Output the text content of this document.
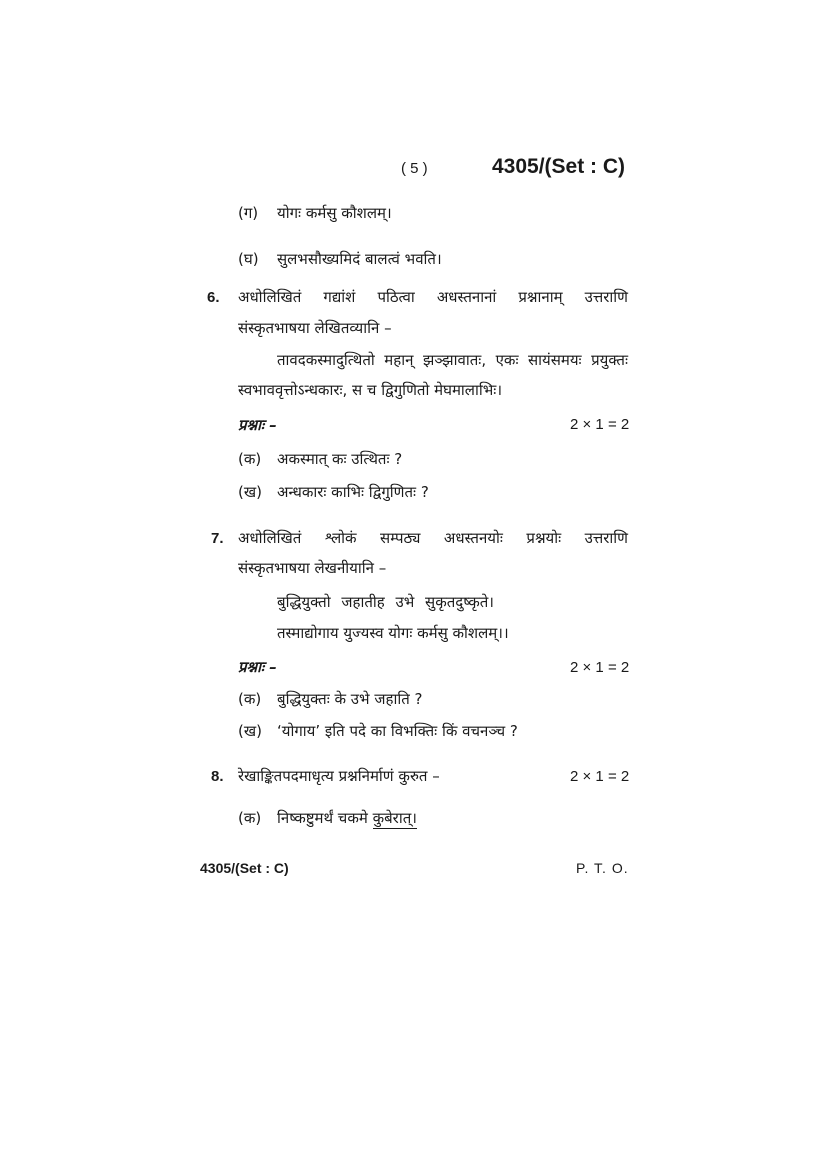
( 5 )	4305/(Set : C)
(ग) योगः कर्मसु कौशलम्।
(घ) सुलभसौख्यमिदं बालत्वं भवति।
6. अधोलिखितं गद्यांशं पठित्वा अधस्तनानां प्रश्नानाम् उत्तराणि
संस्कृतभाषया लेखितव्यानि –
तावदकस्मादुत्थितो महान् झञ्झावातः, एकः सायंसमयः प्रयुक्तः
स्वभाववृत्तोऽन्धकारः, स च द्विगुणितो मेघमालाभिः।
प्रश्नाः –	2 × 1 = 2
(क) अकस्मात् कः उत्थितः ?
(ख) अन्धकारः काभिः द्विगुणितः ?
7. अधोलिखितं श्लोकं सम्पठ्य अधस्तनयोः प्रश्नयोः उत्तराणि
संस्कृतभाषया लेखनीयानि –
बुद्धियुक्तो जहातीह उभे सुकृतदुष्कृते।
तस्माद्योगाय युज्यस्व योगः कर्मसु कौशलम्।।
प्रश्नाः –	2 × 1 = 2
(क) बुद्धियुक्तः के उभे जहाति ?
(ख) ‘योगाय’ इति पदे का विभक्तिः किं वचनञ्च ?
8. रेखाङ्कितपदमाधृत्य प्रश्ननिर्माणं कुरुत –	2 × 1 = 2
(क) निष्कष्टुमर्थं चकमे कुबेरात्।
4305/(Set : C)	P. T. O.
